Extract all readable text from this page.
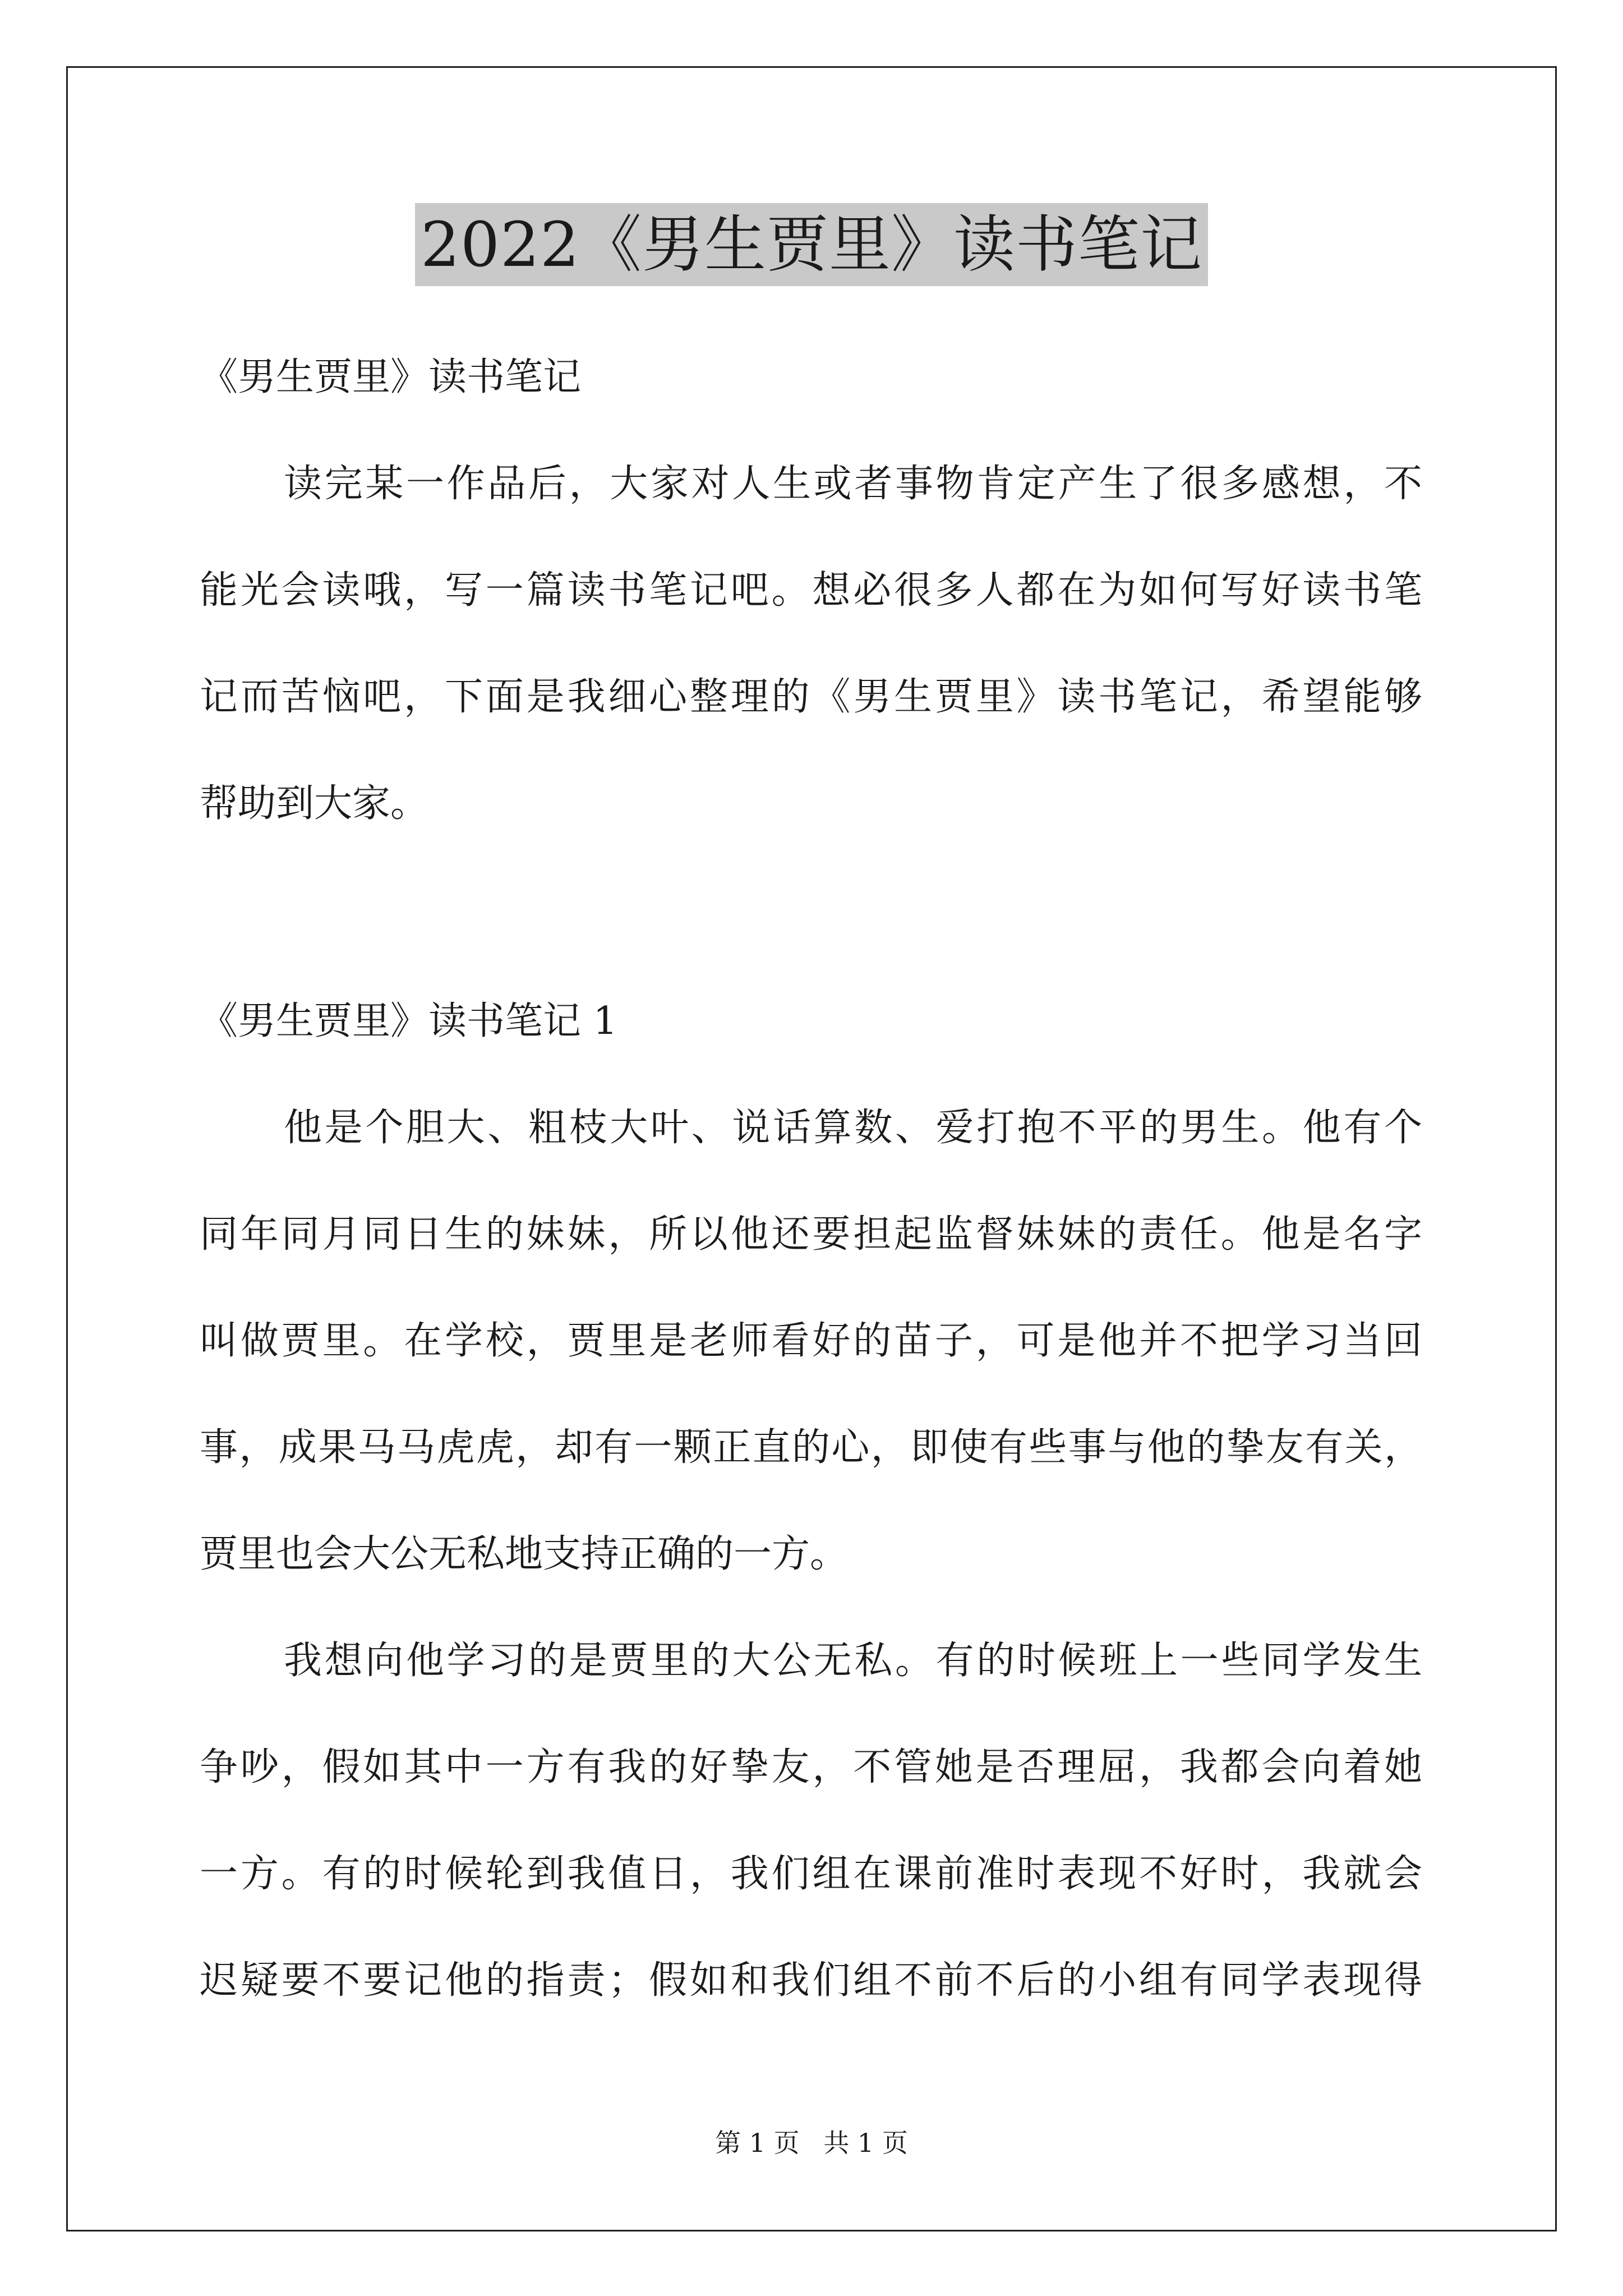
2022《男生贾里》读书笔记
《男生贾里》读书笔记
读完某一作品后，大家对人生或者事物肯定产生了很多感想，不
能光会读哦，写一篇读书笔记吧。想必很多人都在为如何写好读书笔
记而苦恼吧，下面是我细心整理的《男生贾里》读书笔记，希望能够
帮助到大家。
《男生贾里》读书笔记 1
他是个胆大、粗枝大叶、说话算数、爱打抱不平的男生。他有个
同年同月同日生的妹妹，所以他还要担起监督妹妹的责任。他是名字
叫做贾里。在学校，贾里是老师看好的苗子，可是他并不把学习当回
事，成果马马虎虎，却有一颗正直的心，即使有些事与他的挚友有关，
贾里也会大公无私地支持正确的一方。
我想向他学习的是贾里的大公无私。有的时候班上一些同学发生
争吵，假如其中一方有我的好挚友，不管她是否理屈，我都会向着她
一方。有的时候轮到我值日，我们组在课前准时表现不好时，我就会
迟疑要不要记他的指责；假如和我们组不前不后的小组有同学表现得
第 1 页 共 1 页
